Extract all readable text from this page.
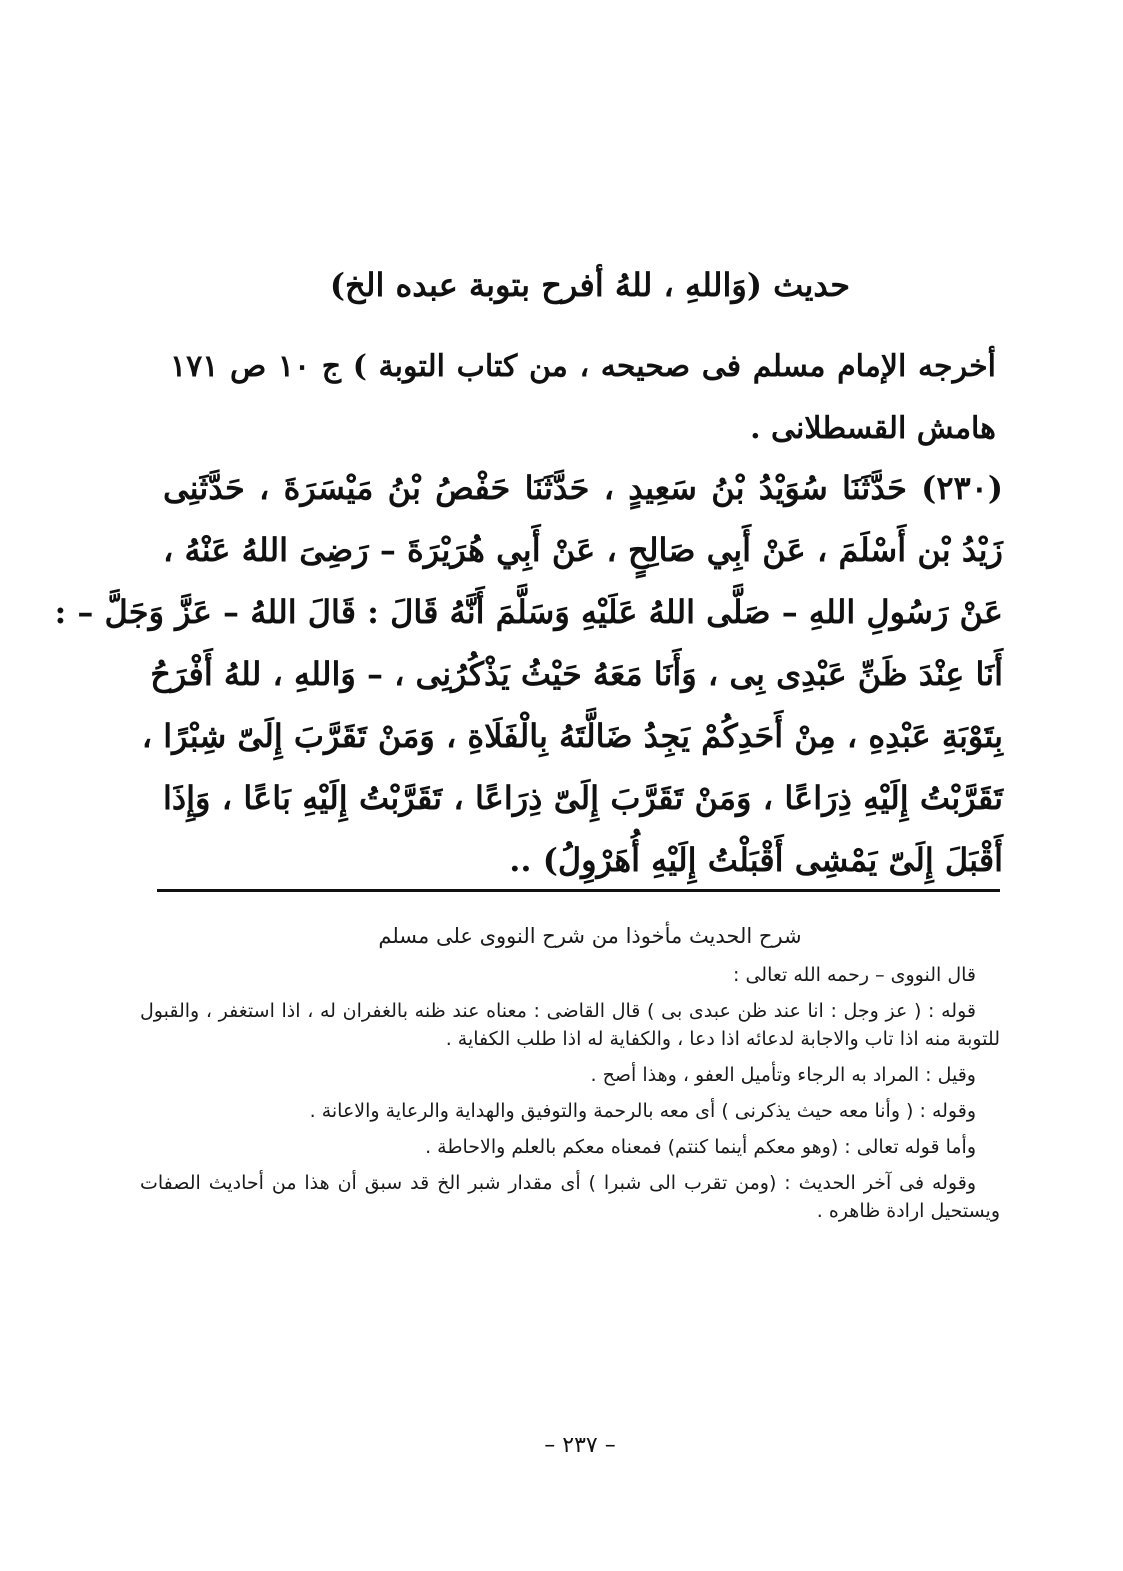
حديث (وَاللهِ ، للهُ أفرح بتوبة عبده الخ)
أخرجه الإمام مسلم فى صحيحه ، من كتاب التوبة ) ج ١٠ ص ١٧١ هامش القسطلانى .
(٢٣٠) حَدَّثَنَا سُوَيْدُ بْنُ سَعِيدٍ ، حَدَّثَنَا حَفْصُ بْنُ مَيْسَرَةَ ، حَدَّثَنِى
زَيْدُ بْن أَسْلَمَ ، عَنْ أَبِي صَالِحٍ ، عَنْ أَبِي هُرَيْرَةَ – رَضِىَ اللهُ عَنْهُ ،
عَنْ رَسُولِ اللهِ – صَلَّى اللهُ عَلَيْهِ وَسَلَّمَ أَنَّهُ قَالَ : قَالَ اللهُ – عَزَّ وَجَلَّ – :
أَنَا عِنْدَ ظَنِّ عَبْدِى بِى ، وَأَنَا مَعَهُ حَيْثُ يَذْكُرُنِى ، – وَاللهِ ، للهُ أَفْرَحُ
بِتَوْبَةِ عَبْدِهِ ، مِنْ أَحَدِكُمْ يَجِدُ ضَالَّتَهُ بِالْفَلَاةِ ، وَمَنْ تَقَرَّبَ إِلَىّ شِبْرًا ،
تَقَرَّبْتُ إِلَيْهِ ذِرَاعًا ، وَمَنْ تَقَرَّبَ إِلَىّ ذِرَاعًا ، تَقَرَّبْتُ إِلَيْهِ بَاعًا ، وَإِذَا
أَقْبَلَ إِلَىّ يَمْشِى أَقْبَلْتُ إِلَيْهِ أُهَرْوِلُ) ..
شرح الحديث مأخوذا من شرح النووى على مسلم
قال النووى – رحمه الله تعالى :
قوله : ( عز وجل : انا عند ظن عبدى بى ) قال القاضى : معناه عند ظنه بالغفران له ، اذا استغفر ، والقبول للتوبة منه اذا تاب والاجابة لدعائه اذا دعا ، والكفاية له اذا طلب الكفاية .
وقيل : المراد به الرجاء وتأميل العفو ، وهذا أصح .
وقوله : ( وأنا معه حيث يذكرنى ) أى معه بالرحمة والتوفيق والهداية والرعاية والاعانة .
وأما قوله تعالى : (وهو معكم أينما كنتم) فمعناه معكم بالعلم والاحاطة .
وقوله فى آخر الحديث : (ومن تقرب الى شبرا ) أى مقدار شبر الخ قد سبق أن هذا من أحاديث الصفات ويستحيل ارادة ظاهره .
– ٢٣٧ –
